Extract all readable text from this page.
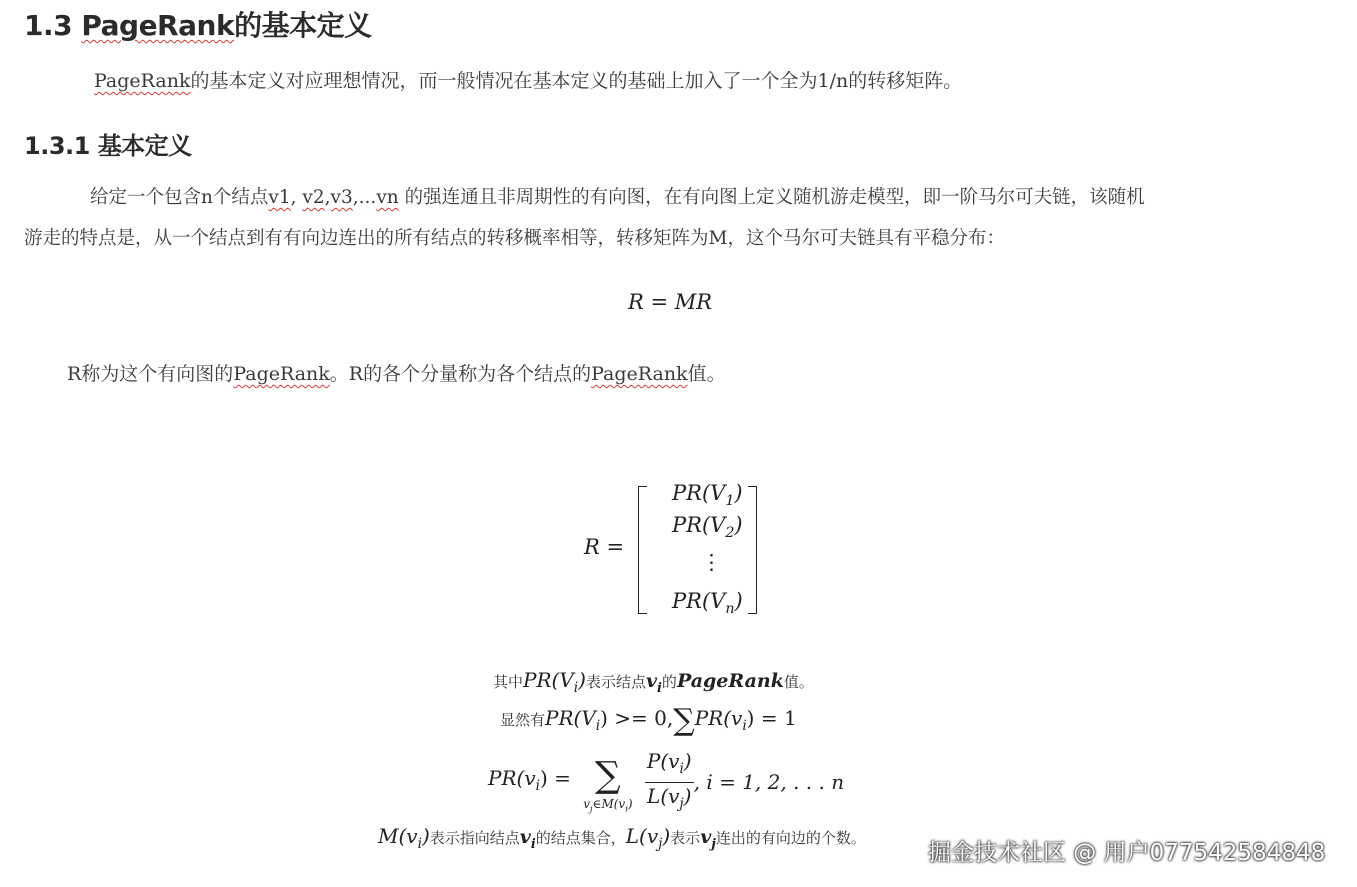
1.3 PageRank的基本定义
PageRank的基本定义对应理想情况，而一般情况在基本定义的基础上加入了一个全为1/n的转移矩阵。
1.3.1 基本定义
给定一个包含n个结点v1, v2,v3,...vn 的强连通且非周期性的有向图，在有向图上定义随机游走模型，即一阶马尔可夫链，该随机
游走的特点是，从一个结点到有有向边连出的所有结点的转移概率相等，转移矩阵为M，这个马尔可夫链具有平稳分布：
R = MR
R称为这个有向图的PageRank。R的各个分量称为各个结点的PageRank值。
R =
$PR(V_1)$
$PR(V_2)$
⋮
$PR(V_n)$
其中$PR(V_i)$表示结点$v_i$的PageRank值。
显然有$PR(V_i) >= 0,\sum PR(v_i) = 1$
$PR(v_i)$ = ∑
$v_j\in M(v_i)$
$\frac{P(v_i)}{L(v_j)}$ , i = 1, 2, . . . n
$M(v_i)$表示指向结点$v_i$的结点集合，$L(v_j)$表示$v_j$连出的有向边的个数。
掘金技术社区 @ 用户077542584848
